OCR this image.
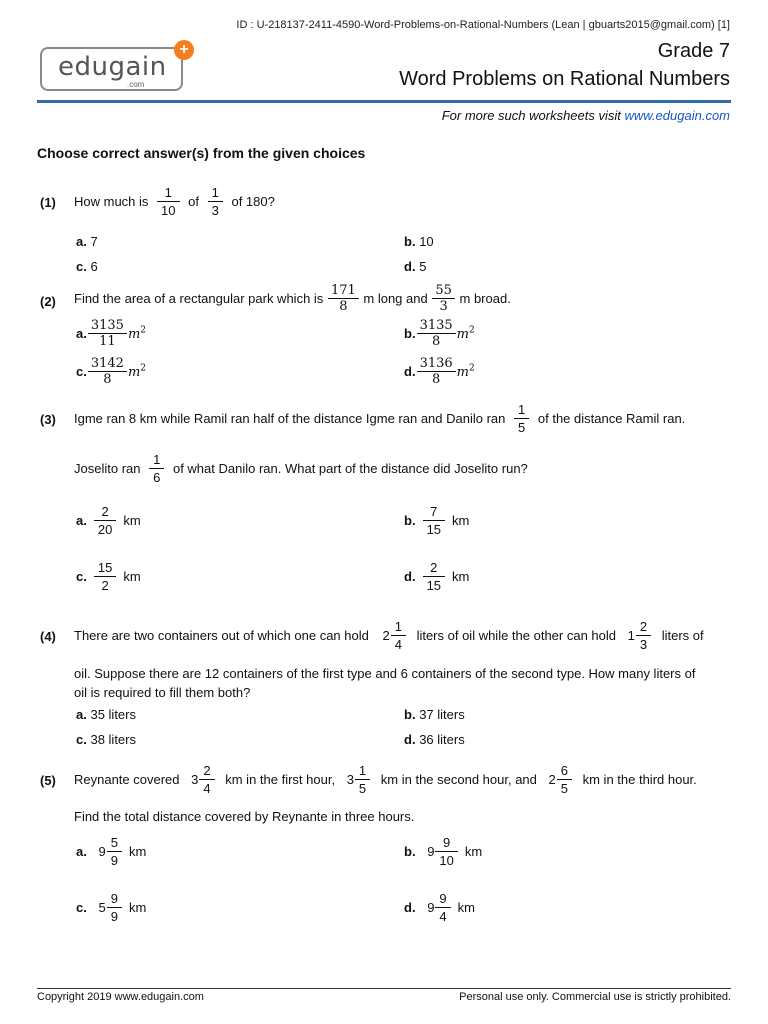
ID : U-218137-2411-4590-Word-Problems-on-Rational-Numbers (Lean | gbuarts2015@gmail.com) [1]
edugain
.com
+	Grade 7
Word Problems on Rational Numbers
For more such worksheets visit www.edugain.com
Choose correct answer(s) from the given choices
(1) How much is $\frac{1}{10}$ of $\frac{1}{3}$ of 180?
a. 7	b. 10
c. 6	d. 5
(2) Find the area of a rectangular park which is $\frac{171}{8}$ m long and $\frac{55}{3}$ m broad.
a. $\frac{3135}{11} m^2$	b. $\frac{3135}{8} m^2$
c. $\frac{3142}{8} m^2$	d. $\frac{3136}{8} m^2$
(3) Igme ran 8 km while Ramil ran half of the distance Igme ran and Danilo ran $\frac{1}{5}$ of the distance Ramil ran.
Joselito ran $\frac{1}{6}$ of what Danilo ran. What part of the distance did Joselito run?
a. $\frac{2}{20}$ km	b. $\frac{7}{15}$ km
c. $\frac{15}{2}$ km	d. $\frac{2}{15}$ km
(4) There are two containers out of which one can hold $2 \frac{1}{4}$ liters of oil while the other can hold $1 \frac{2}{3}$ liters of
oil. Suppose there are 12 containers of the first type and 6 containers of the second type. How many liters of
oil is required to fill them both?
a. 35 liters	b. 37 liters
c. 38 liters	d. 36 liters
(5) Reynante covered $3 \frac{2}{4}$ km in the first hour, $3 \frac{1}{5}$ km in the second hour, and $2 \frac{6}{5}$ km in the third hour.
Find the total distance covered by Reynante in three hours.
a. $9 \frac{5}{9}$ km	b. $9 \frac{9}{10}$ km
c. $5 \frac{9}{9}$ km	d. $9 \frac{9}{4}$ km
Copyright 2019 www.edugain.com	Personal use only. Commercial use is strictly prohibited.
